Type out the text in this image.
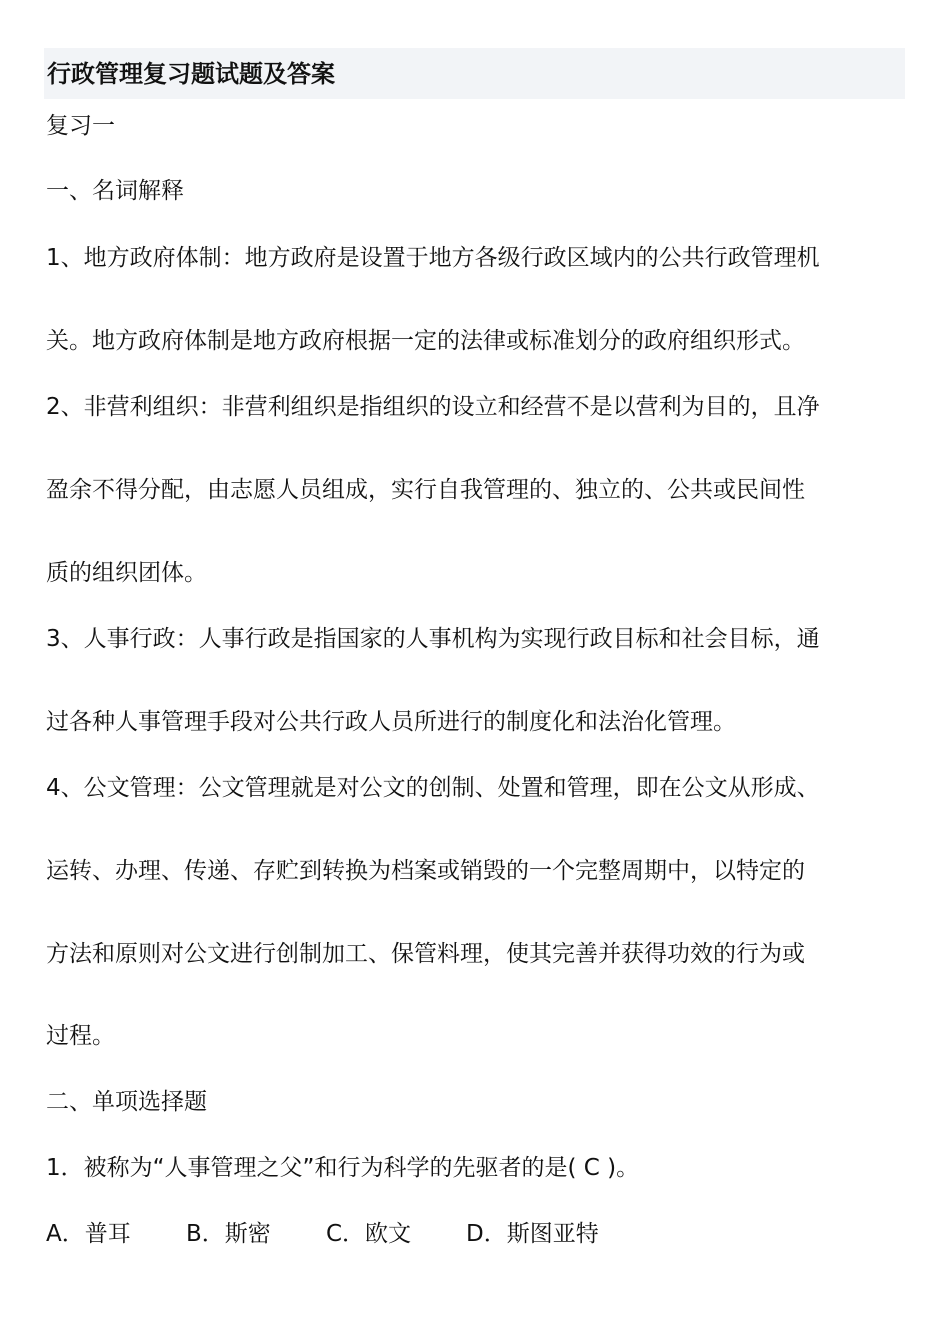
行政管理复习题试题及答案
复习一
一、名词解释
1、地方政府体制：地方政府是设置于地方各级行政区域内的公共行政管理机
关。地方政府体制是地方政府根据一定的法律或标准划分的政府组织形式。
2、非营利组织：非营利组织是指组织的设立和经营不是以营利为目的，且净
盈余不得分配，由志愿人员组成，实行自我管理的、独立的、公共或民间性
质的组织团体。
3、人事行政：人事行政是指国家的人事机构为实现行政目标和社会目标，通
过各种人事管理手段对公共行政人员所进行的制度化和法治化管理。
4、公文管理：公文管理就是对公文的创制、处置和管理，即在公文从形成、
运转、办理、传递、存贮到转换为档案或销毁的一个完整周期中，以特定的
方法和原则对公文进行创制加工、保管料理，使其完善并获得功效的行为或
过程。
二、单项选择题
1．被称为“人事管理之父”和行为科学的先驱者的是( C )。
A．普耳 B．斯密 C．欧文 D．斯图亚特
